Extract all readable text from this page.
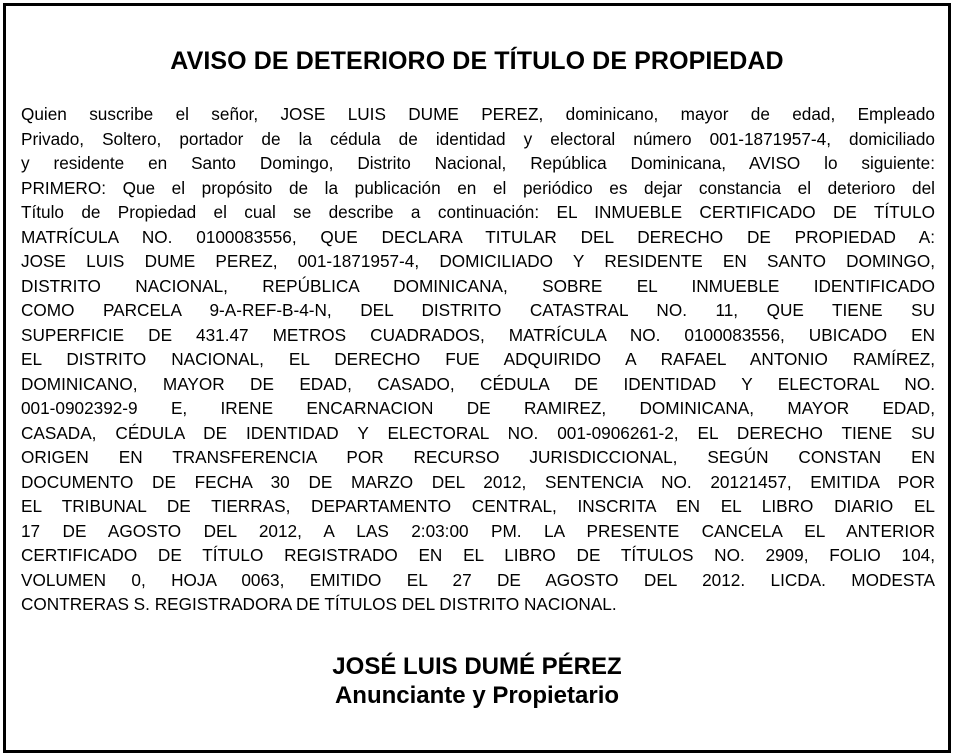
AVISO DE DETERIORO DE TÍTULO DE PROPIEDAD
Quien suscribe el señor, JOSE LUIS DUME PEREZ, dominicano, mayor de edad, Empleado
Privado, Soltero, portador de la cédula de identidad y electoral número 001-1871957-4, domiciliado
y residente en Santo Domingo, Distrito Nacional, República Dominicana, AVISO lo siguiente:
PRIMERO: Que el propósito de la publicación en el periódico es dejar constancia el deterioro del
Título de Propiedad el cual se describe a continuación: EL INMUEBLE CERTIFICADO DE TÍTULO
MATRÍCULA NO. 0100083556, QUE DECLARA TITULAR DEL DERECHO DE PROPIEDAD A:
JOSE LUIS DUME PEREZ, 001-1871957-4, DOMICILIADO Y RESIDENTE EN SANTO DOMINGO,
DISTRITO NACIONAL, REPÚBLICA DOMINICANA, SOBRE EL INMUEBLE IDENTIFICADO
COMO PARCELA 9-A-REF-B-4-N, DEL DISTRITO CATASTRAL NO. 11, QUE TIENE SU
SUPERFICIE DE 431.47 METROS CUADRADOS, MATRÍCULA NO. 0100083556, UBICADO EN
EL DISTRITO NACIONAL, EL DERECHO FUE ADQUIRIDO A RAFAEL ANTONIO RAMÍREZ,
DOMINICANO, MAYOR DE EDAD, CASADO, CÉDULA DE IDENTIDAD Y ELECTORAL NO.
001-0902392-9 E, IRENE ENCARNACION DE RAMIREZ, DOMINICANA, MAYOR EDAD,
CASADA, CÉDULA DE IDENTIDAD Y ELECTORAL NO. 001-0906261-2, EL DERECHO TIENE SU
ORIGEN EN TRANSFERENCIA POR RECURSO JURISDICCIONAL, SEGÚN CONSTAN EN
DOCUMENTO DE FECHA 30 DE MARZO DEL 2012, SENTENCIA NO. 20121457, EMITIDA POR
EL TRIBUNAL DE TIERRAS, DEPARTAMENTO CENTRAL, INSCRITA EN EL LIBRO DIARIO EL
17 DE AGOSTO DEL 2012, A LAS 2:03:00 PM. LA PRESENTE CANCELA EL ANTERIOR
CERTIFICADO DE TÍTULO REGISTRADO EN EL LIBRO DE TÍTULOS NO. 2909, FOLIO 104,
VOLUMEN 0, HOJA 0063, EMITIDO EL 27 DE AGOSTO DEL 2012. LICDA. MODESTA
CONTRERAS S. REGISTRADORA DE TÍTULOS DEL DISTRITO NACIONAL.
JOSÉ LUIS DUMÉ PÉREZ
Anunciante y Propietario
